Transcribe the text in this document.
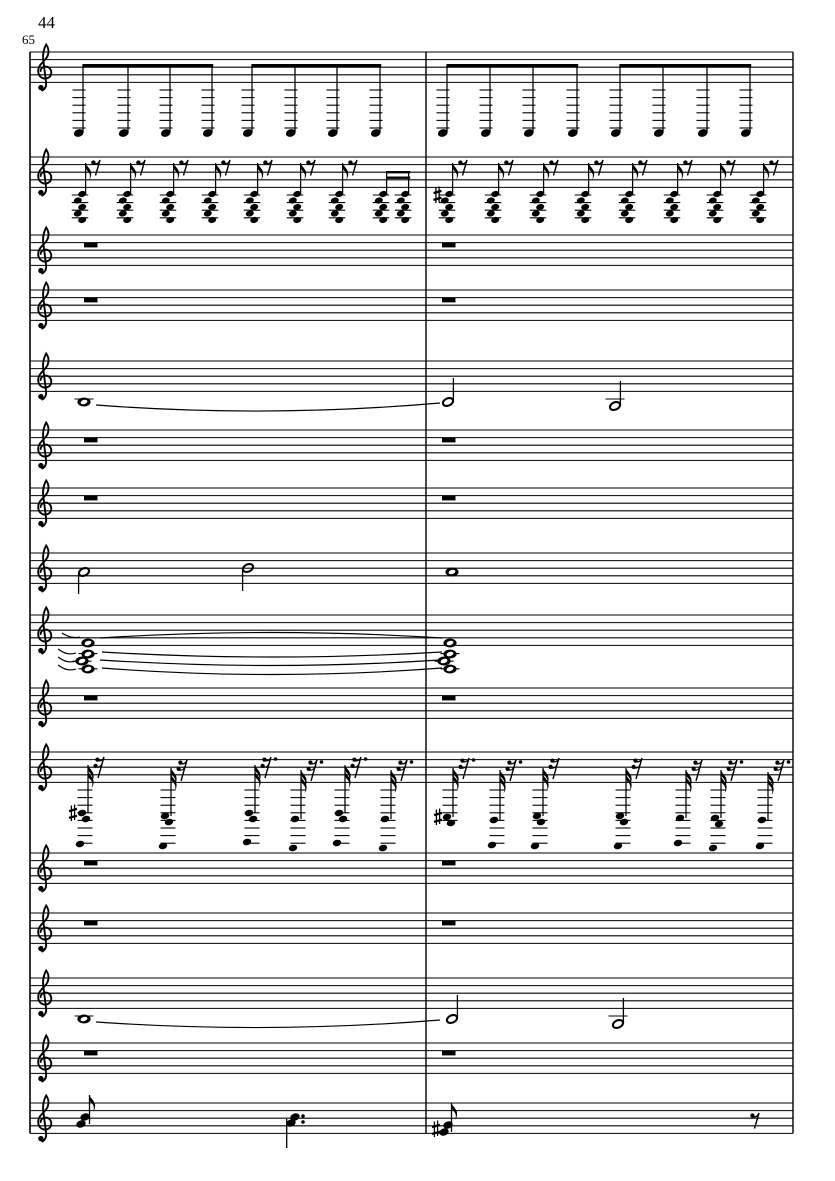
44
65
